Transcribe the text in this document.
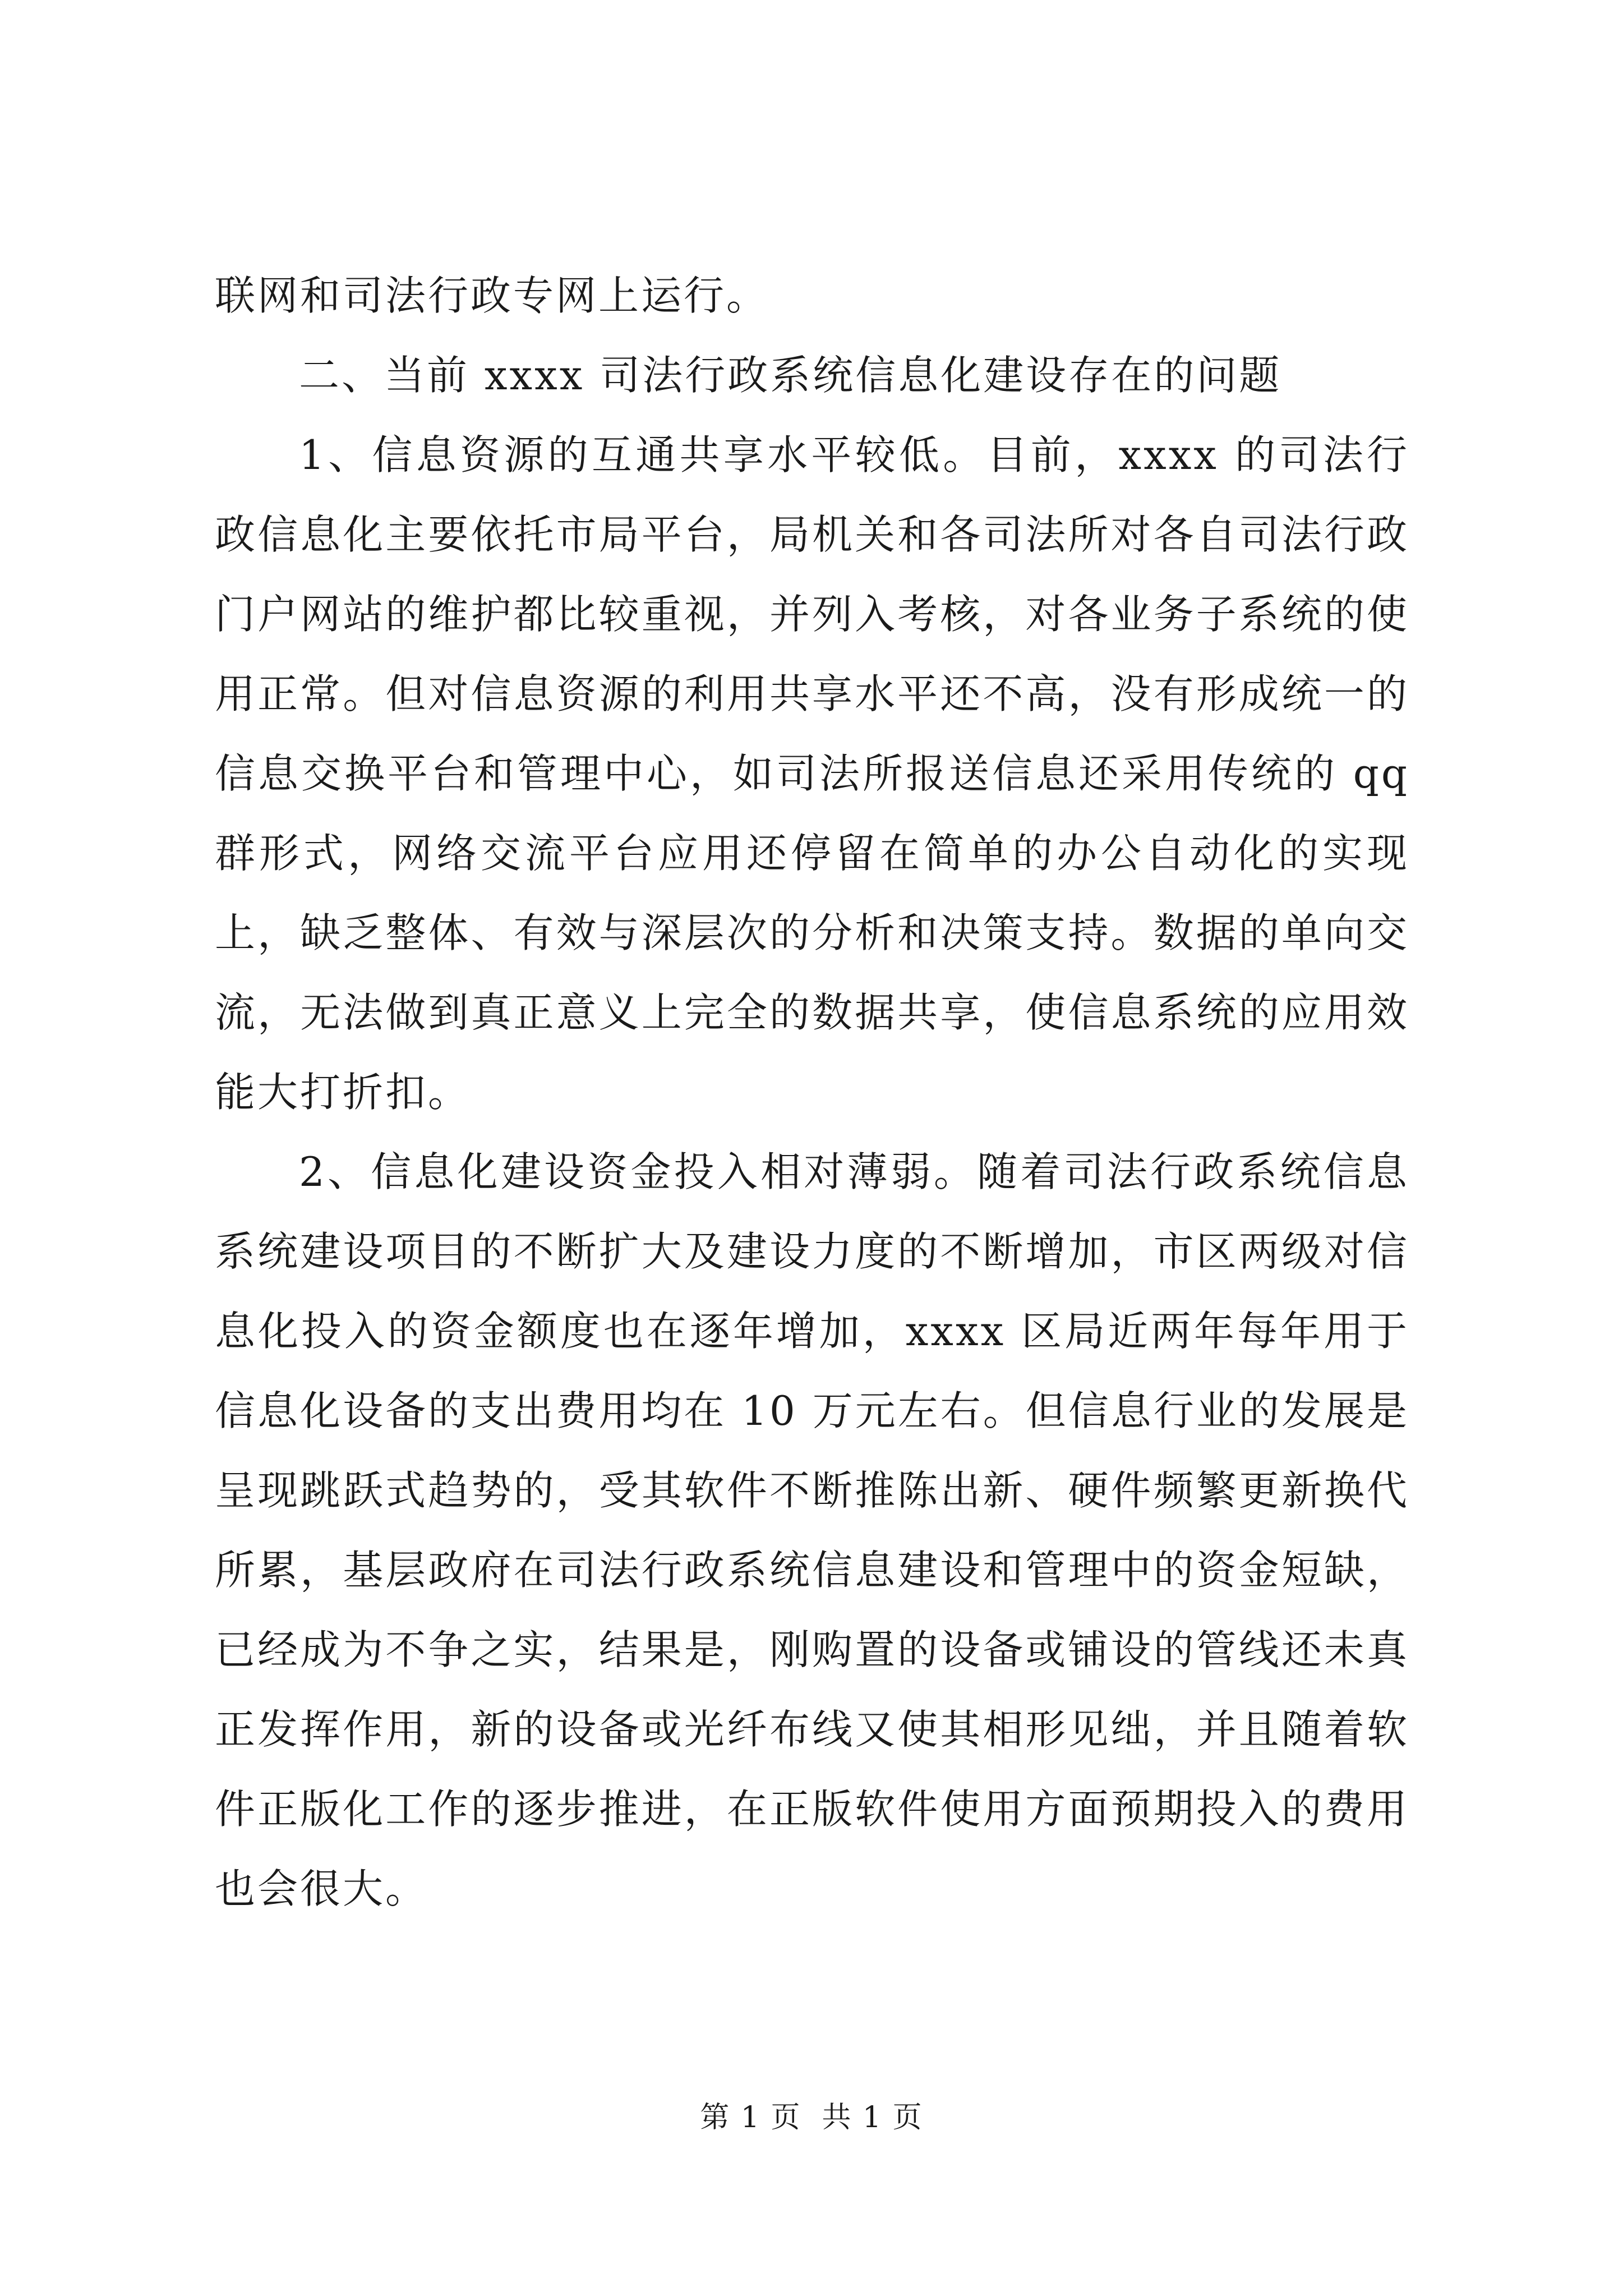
联网和司法行政专网上运行。

二、当前 xxxx 司法行政系统信息化建设存在的问题

1、信息资源的互通共享水平较低。目前，xxxx 的司法行政信息化主要依托市局平台，局机关和各司法所对各自司法行政门户网站的维护都比较重视，并列入考核，对各业务子系统的使用正常。但对信息资源的利用共享水平还不高，没有形成统一的信息交换平台和管理中心，如司法所报送信息还采用传统的 qq 群形式，网络交流平台应用还停留在简单的办公自动化的实现上，缺乏整体、有效与深层次的分析和决策支持。数据的单向交流，无法做到真正意义上完全的数据共享，使信息系统的应用效能大打折扣。

2、信息化建设资金投入相对薄弱。随着司法行政系统信息系统建设项目的不断扩大及建设力度的不断增加，市区两级对信息化投入的资金额度也在逐年增加，xxxx 区局近两年每年用于信息化设备的支出费用均在 10 万元左右。但信息行业的发展是呈现跳跃式趋势的，受其软件不断推陈出新、硬件频繁更新换代所累，基层政府在司法行政系统信息建设和管理中的资金短缺，已经成为不争之实，结果是，刚购置的设备或铺设的管线还未真正发挥作用，新的设备或光纤布线又使其相形见绌，并且随着软件正版化工作的逐步推进，在正版软件使用方面预期投入的费用也会很大。

第 1 页  共 1 页
